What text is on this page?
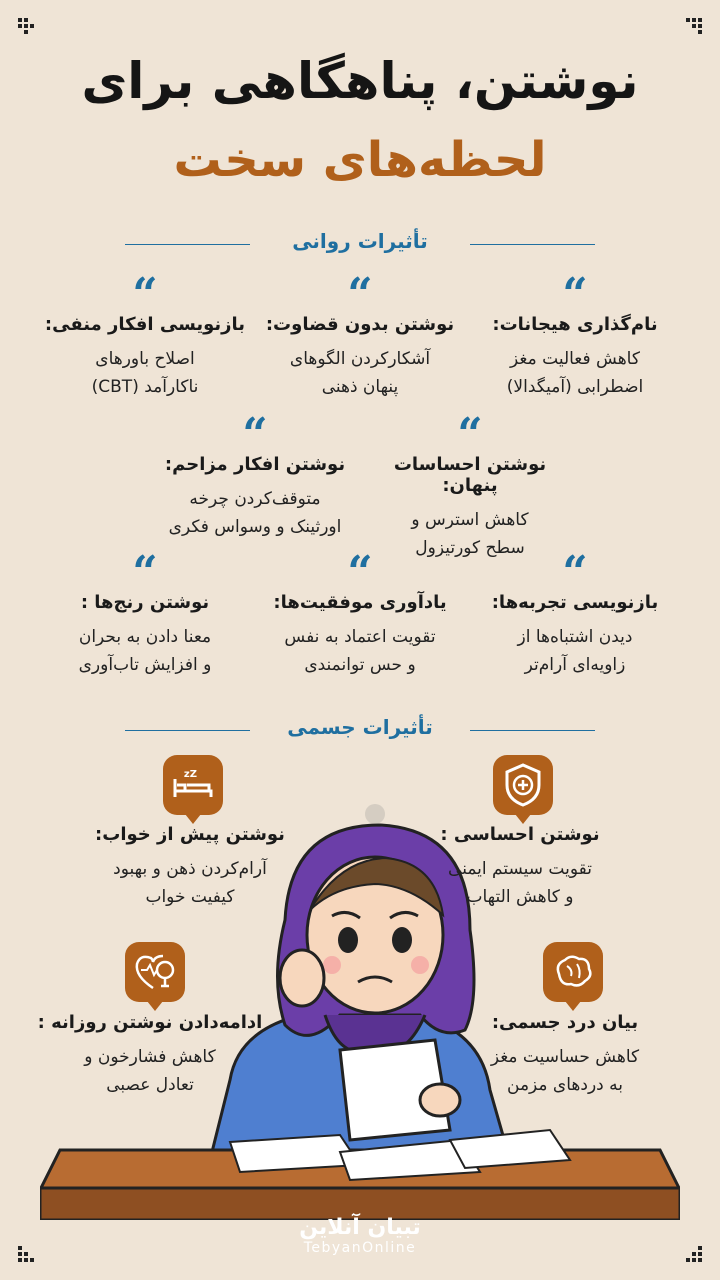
نوشتن، پناهگاهی برای
لحظه‌های سخت
تأثیرات روانی
“
نام‌گذاری هیجانات:
کاهش فعالیت مغز
اضطرابی (آمیگدالا)
“
نوشتن بدون قضاوت:
آشکارکردن الگوهای
پنهان ذهنی
“
بازنویسی افکار منفی:
اصلاح باورهای
ناکارآمد (CBT)
“
نوشتن احساسات پنهان:
کاهش استرس و
سطح کورتیزول
“
نوشتن افکار مزاحم:
متوقف‌کردن چرخه
اورثینک و وسواس فکری
“
بازنویسی تجربه‌ها:
دیدن اشتباه‌ها از
زاویه‌ای آرام‌تر
“
یادآوری موفقیت‌ها:
تقویت اعتماد به نفس
و حس توانمندی
“
نوشتن رنج‌ها :
معنا دادن به بحران
و افزایش تاب‌آوری
تأثیرات جسمی
نوشتن احساسی :
تقویت سیستم ایمنی
و کاهش التهاب
zZ
نوشتن پیش از خواب:
آرام‌کردن ذهن و بهبود
کیفیت خواب
بیان درد جسمی:
کاهش حساسیت مغز
به دردهای مزمن
ادامه‌دادن نوشتن روزانه :
کاهش فشارخون و
تعادل عصبی
تبیان آنلاین
TebyanOnline
